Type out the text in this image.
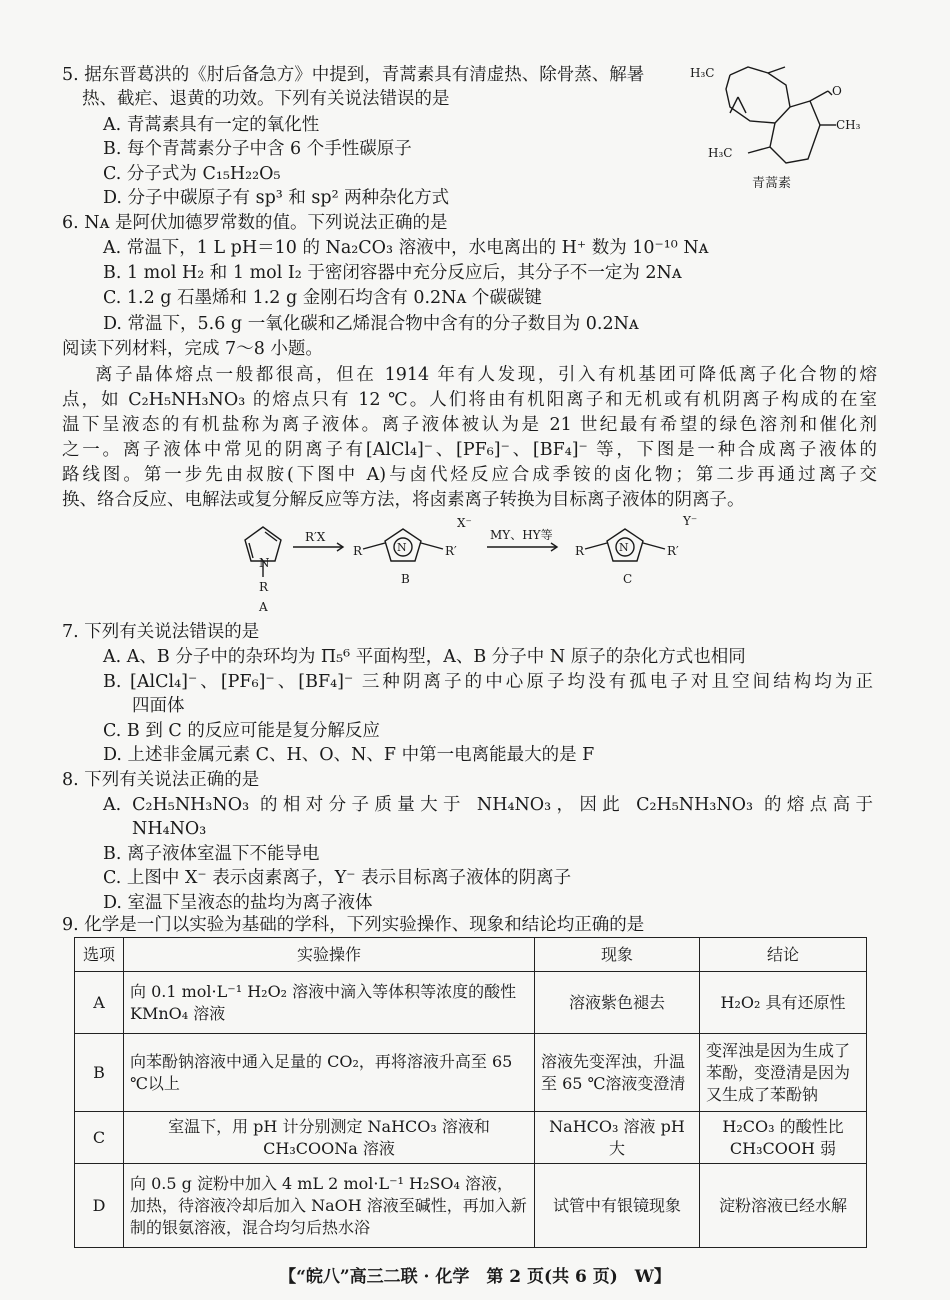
5. 据东晋葛洪的《肘后备急方》中提到，青蒿素具有清虚热、除骨蒸、解暑
热、截疟、退黄的功效。下列有关说法错误的是
A. 青蒿素具有一定的氧化性
B. 每个青蒿素分子中含 6 个手性碳原子
C. 分子式为 C₁₅H₂₂O₅
D. 分子中碳原子有 sp³ 和 sp² 两种杂化方式
H₃C
O
CH₃
H₃C
青蒿素
6. Nᴀ 是阿伏加德罗常数的值。下列说法正确的是
A. 常温下，1 L pH＝10 的 Na₂CO₃ 溶液中，水电离出的 H⁺ 数为 10⁻¹⁰ Nᴀ
B. 1 mol H₂ 和 1 mol I₂ 于密闭容器中充分反应后，其分子不一定为 2Nᴀ
C. 1.2 g 石墨烯和 1.2 g 金刚石均含有 0.2Nᴀ 个碳碳键
D. 常温下，5.6 g 一氧化碳和乙烯混合物中含有的分子数目为 0.2Nᴀ
阅读下列材料，完成 7～8 小题。
离子晶体熔点一般都很高，但在 1914 年有人发现，引入有机基团可降低离子化合物的熔
点，如 C₂H₅NH₃NO₃ 的熔点只有 12 ℃。人们将由有机阳离子和无机或有机阴离子构成的在室
温下呈液态的有机盐称为离子液体。离子液体被认为是 21 世纪最有希望的绿色溶剂和催化剂
之一。离子液体中常见的阴离子有[AlCl₄]⁻、[PF₆]⁻、[BF₄]⁻ 等，下图是一种合成离子液体的
路线图。第一步先由叔胺(下图中 A)与卤代烃反应合成季铵的卤化物；第二步再通过离子交
换、络合反应、电解法或复分解反应等方法，将卤素离子转换为目标离子液体的阴离子。
N
R
A
R′X
R	N	R′
X⁻
B
MY、HY等
R	N	R′
Y⁻
C
7. 下列有关说法错误的是
A. A、B 分子中的杂环均为 Π₅⁶ 平面构型，A、B 分子中 N 原子的杂化方式也相同
B. [AlCl₄]⁻、[PF₆]⁻、[BF₄]⁻ 三种阴离子的中心原子均没有孤电子对且空间结构均为正
四面体
C. B 到 C 的反应可能是复分解反应
D. 上述非金属元素 C、H、O、N、F 中第一电离能最大的是 F
8. 下列有关说法正确的是
A. C₂H₅NH₃NO₃ 的相对分子质量大于 NH₄NO₃，因此 C₂H₅NH₃NO₃ 的熔点高于
NH₄NO₃
B. 离子液体室温下不能导电
C. 上图中 X⁻ 表示卤素离子，Y⁻ 表示目标离子液体的阴离子
D. 室温下呈液态的盐均为离子液体
9. 化学是一门以实验为基础的学科，下列实验操作、现象和结论均正确的是
选项	实验操作	现象	结论
A	向 0.1 mol·L⁻¹ H₂O₂ 溶液中滴入等体积等浓度的酸性 KMnO₄ 溶液	溶液紫色褪去	H₂O₂ 具有还原性
B	向苯酚钠溶液中通入足量的 CO₂，再将溶液升高至 65 ℃以上	溶液先变浑浊，升温至 65 ℃溶液变澄清	变浑浊是因为生成了苯酚，变澄清是因为又生成了苯酚钠
C	室温下，用 pH 计分别测定 NaHCO₃ 溶液和 CH₃COONa 溶液	NaHCO₃ 溶液 pH 大	H₂CO₃ 的酸性比 CH₃COOH 弱
D	向 0.5 g 淀粉中加入 4 mL 2 mol·L⁻¹ H₂SO₄ 溶液，加热，待溶液冷却后加入 NaOH 溶液至碱性，再加入新制的银氨溶液，混合均匀后热水浴	试管中有银镜现象	淀粉溶液已经水解
【“皖八”高三二联 · 化学　第 2 页(共 6 页)　W】
